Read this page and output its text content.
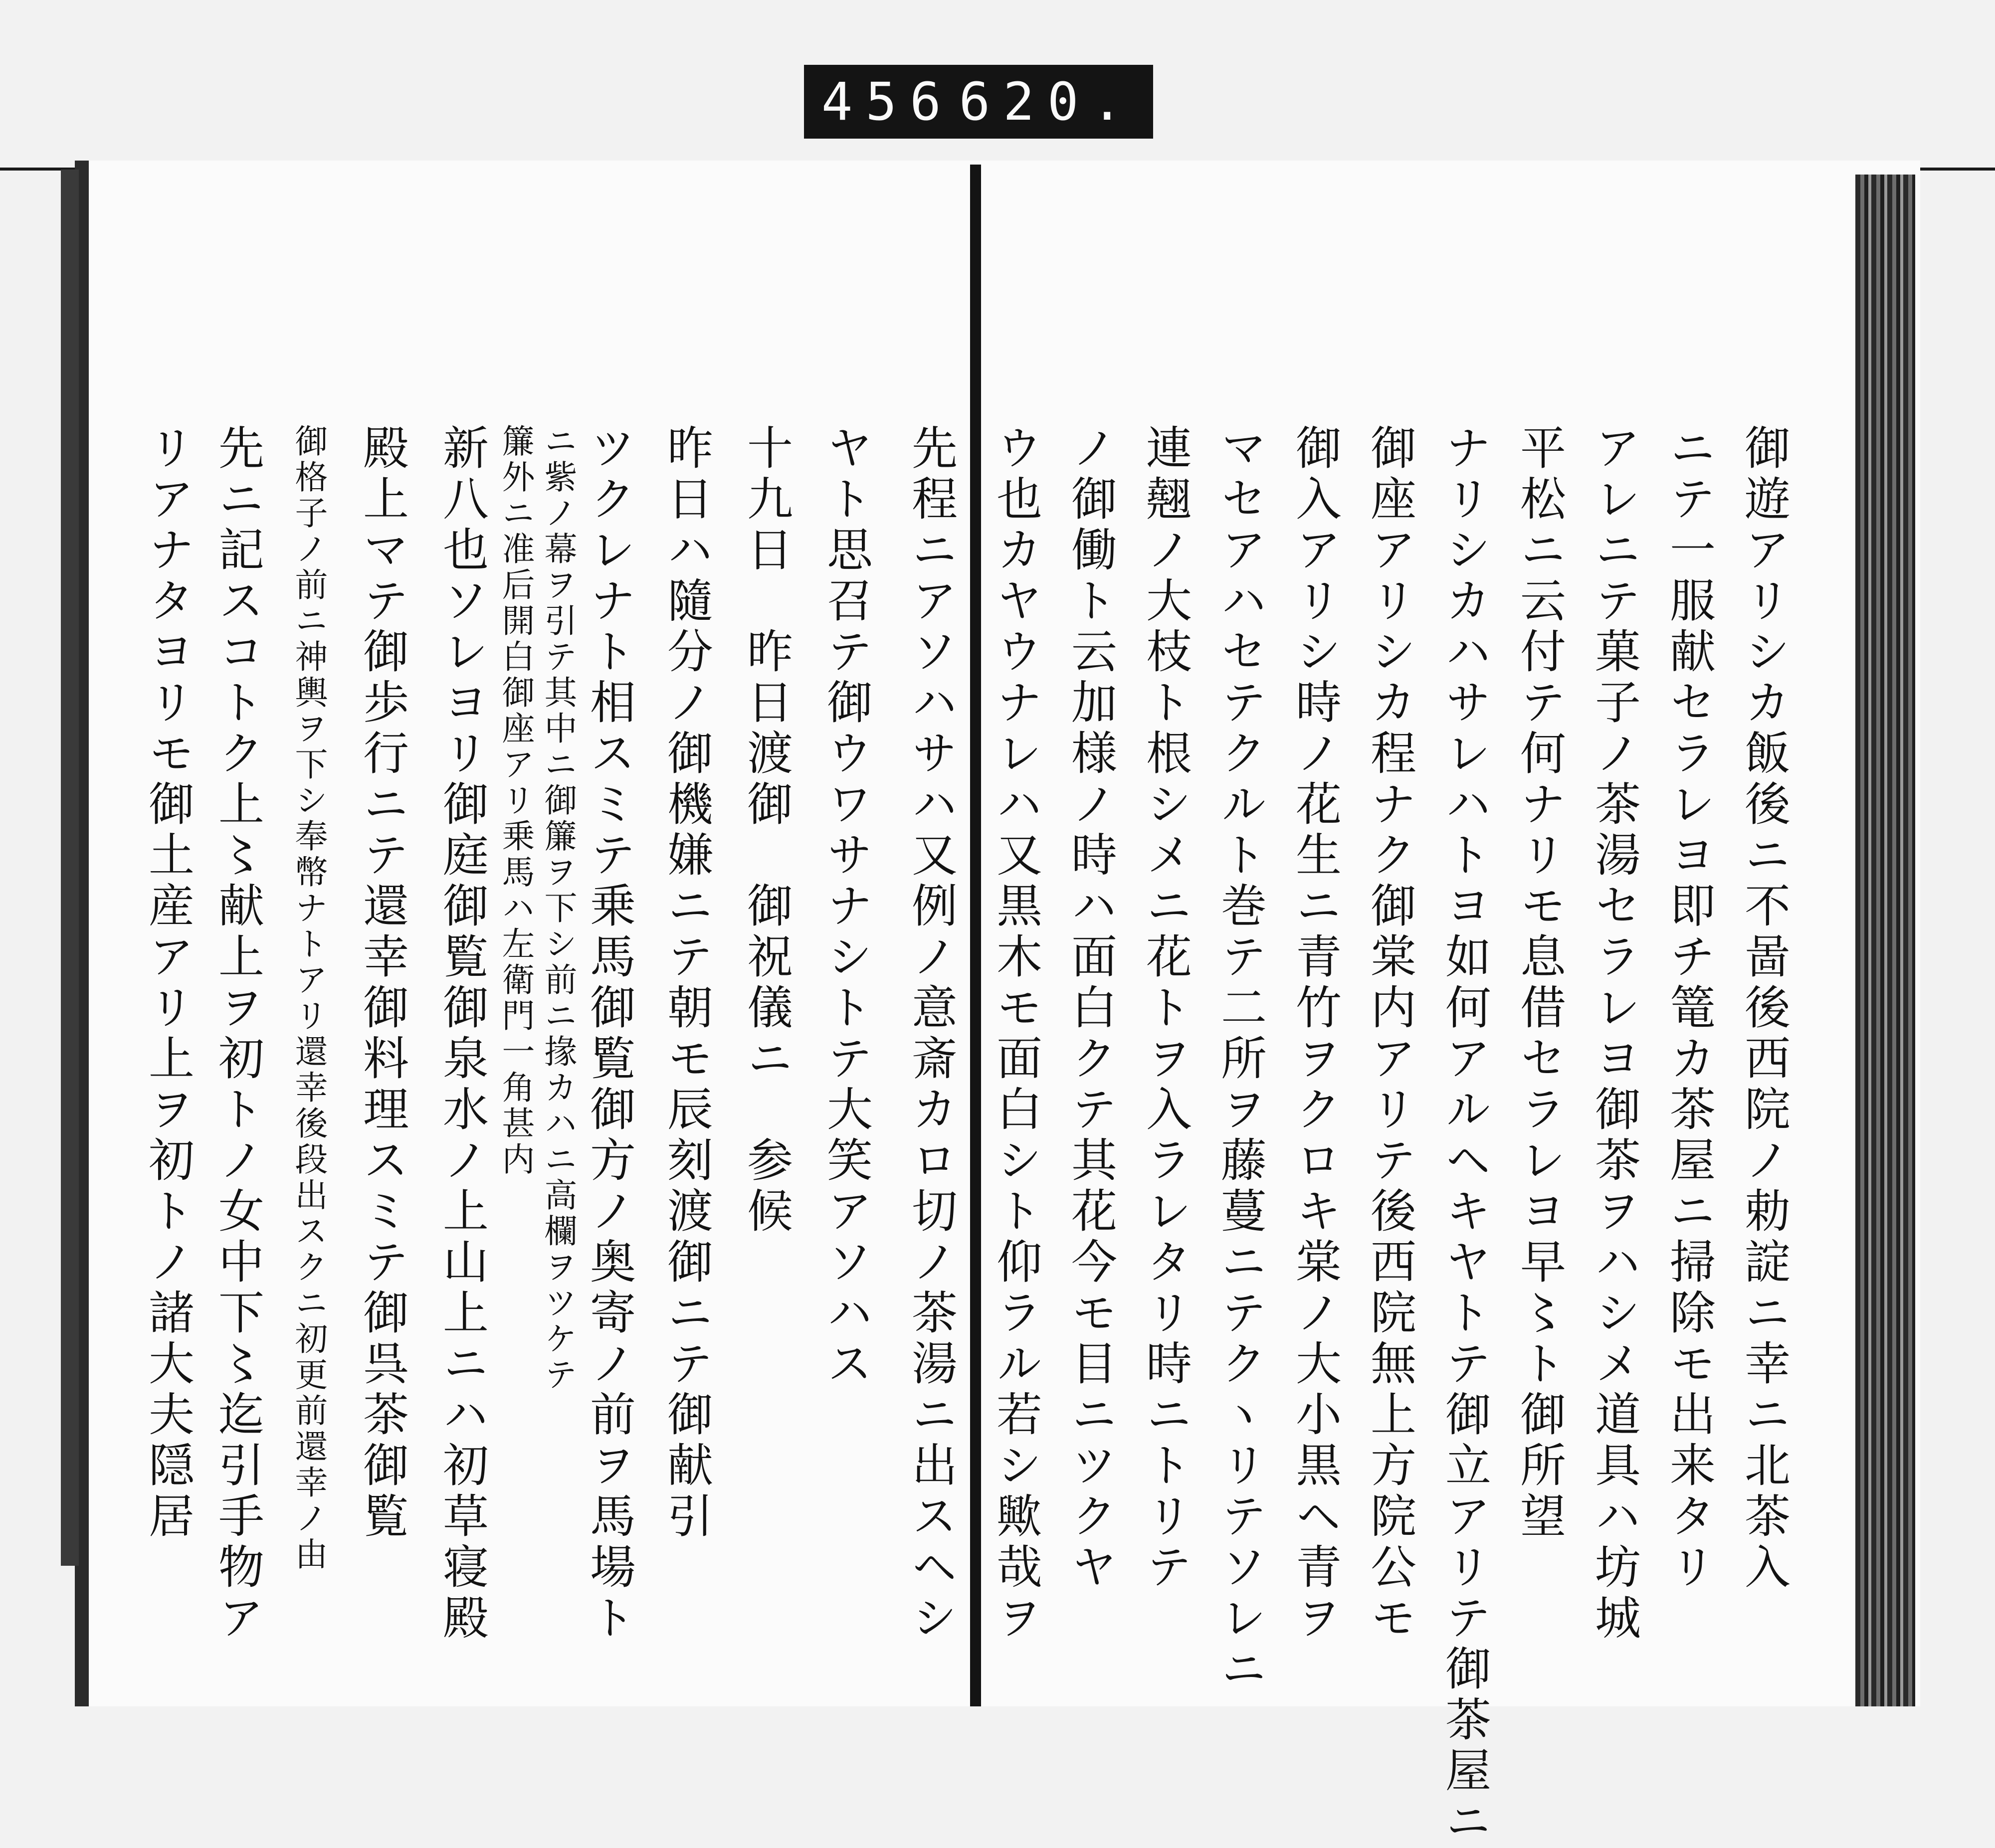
456 620.
御遊アリシカ飯後ニ不啚後西院ノ勅諚ニ幸ニ北茶入
ニテ一服献セラレヨ即チ篭カ茶屋ニ掃除モ出来タリ
アレニテ菓子ノ茶湯セラレヨ御茶ヲハシメ道具ハ坊城
平松ニ云付テ何ナリモ息借セラレヨ早〻ト御所望
ナリシカハサレハトヨ如何アルヘキヤトテ御立アリテ御茶屋ニ
御座アリシカ程ナク御棠内アリテ後西院無上方院公モ
御入アリシ時ノ花生ニ青竹ヲクロキ棠ノ大小黒ヘ青ヲ
マセアハセテクルト巻テ二所ヲ藤蔓ニテクヽリテソレニ
連翹ノ大枝ト根シメニ花トヲ入ラレタリ時ニトリテ
ノ御働ト云加様ノ時ハ面白クテ其花今モ目ニツクヤ
ウ也カヤウナレハ又黒木モ面白シト仰ラル若シ歟哉ヲ
先程ニアソハサハ又例ノ意斎カロ切ノ茶湯ニ出スヘシ
ヤト思召テ御ウワサナシトテ大笑アソハス
十九日　昨日渡御　御祝儀ニ　参候
昨日ハ隨分ノ御機嫌ニテ朝モ辰刻渡御ニテ御献引
ツクレナト相スミテ乗馬御覧御方ノ奥寄ノ前ヲ馬場ト
ニ紫ノ幕ヲ引テ其中ニ御簾ヲ下シ前ニ掾カハニ高欄ヲツケテ
簾外ニ准后開白御座アリ乗馬ハ左衛門一角甚内
新八也ソレヨリ御庭御覧御泉水ノ上山上ニハ初草寝殿
殿上マテ御歩行ニテ還幸御料理スミテ御呉茶御覧
御格子ノ前ニ神輿ヲ下シ奉幣ナトアリ還幸後段出スクニ初更前還幸ノ由
先ニ記スコトク上〻献上ヲ初トノ女中下〻迄引手物ア
リアナタヨリモ御土産アリ上ヲ初トノ諸大夫隠居
